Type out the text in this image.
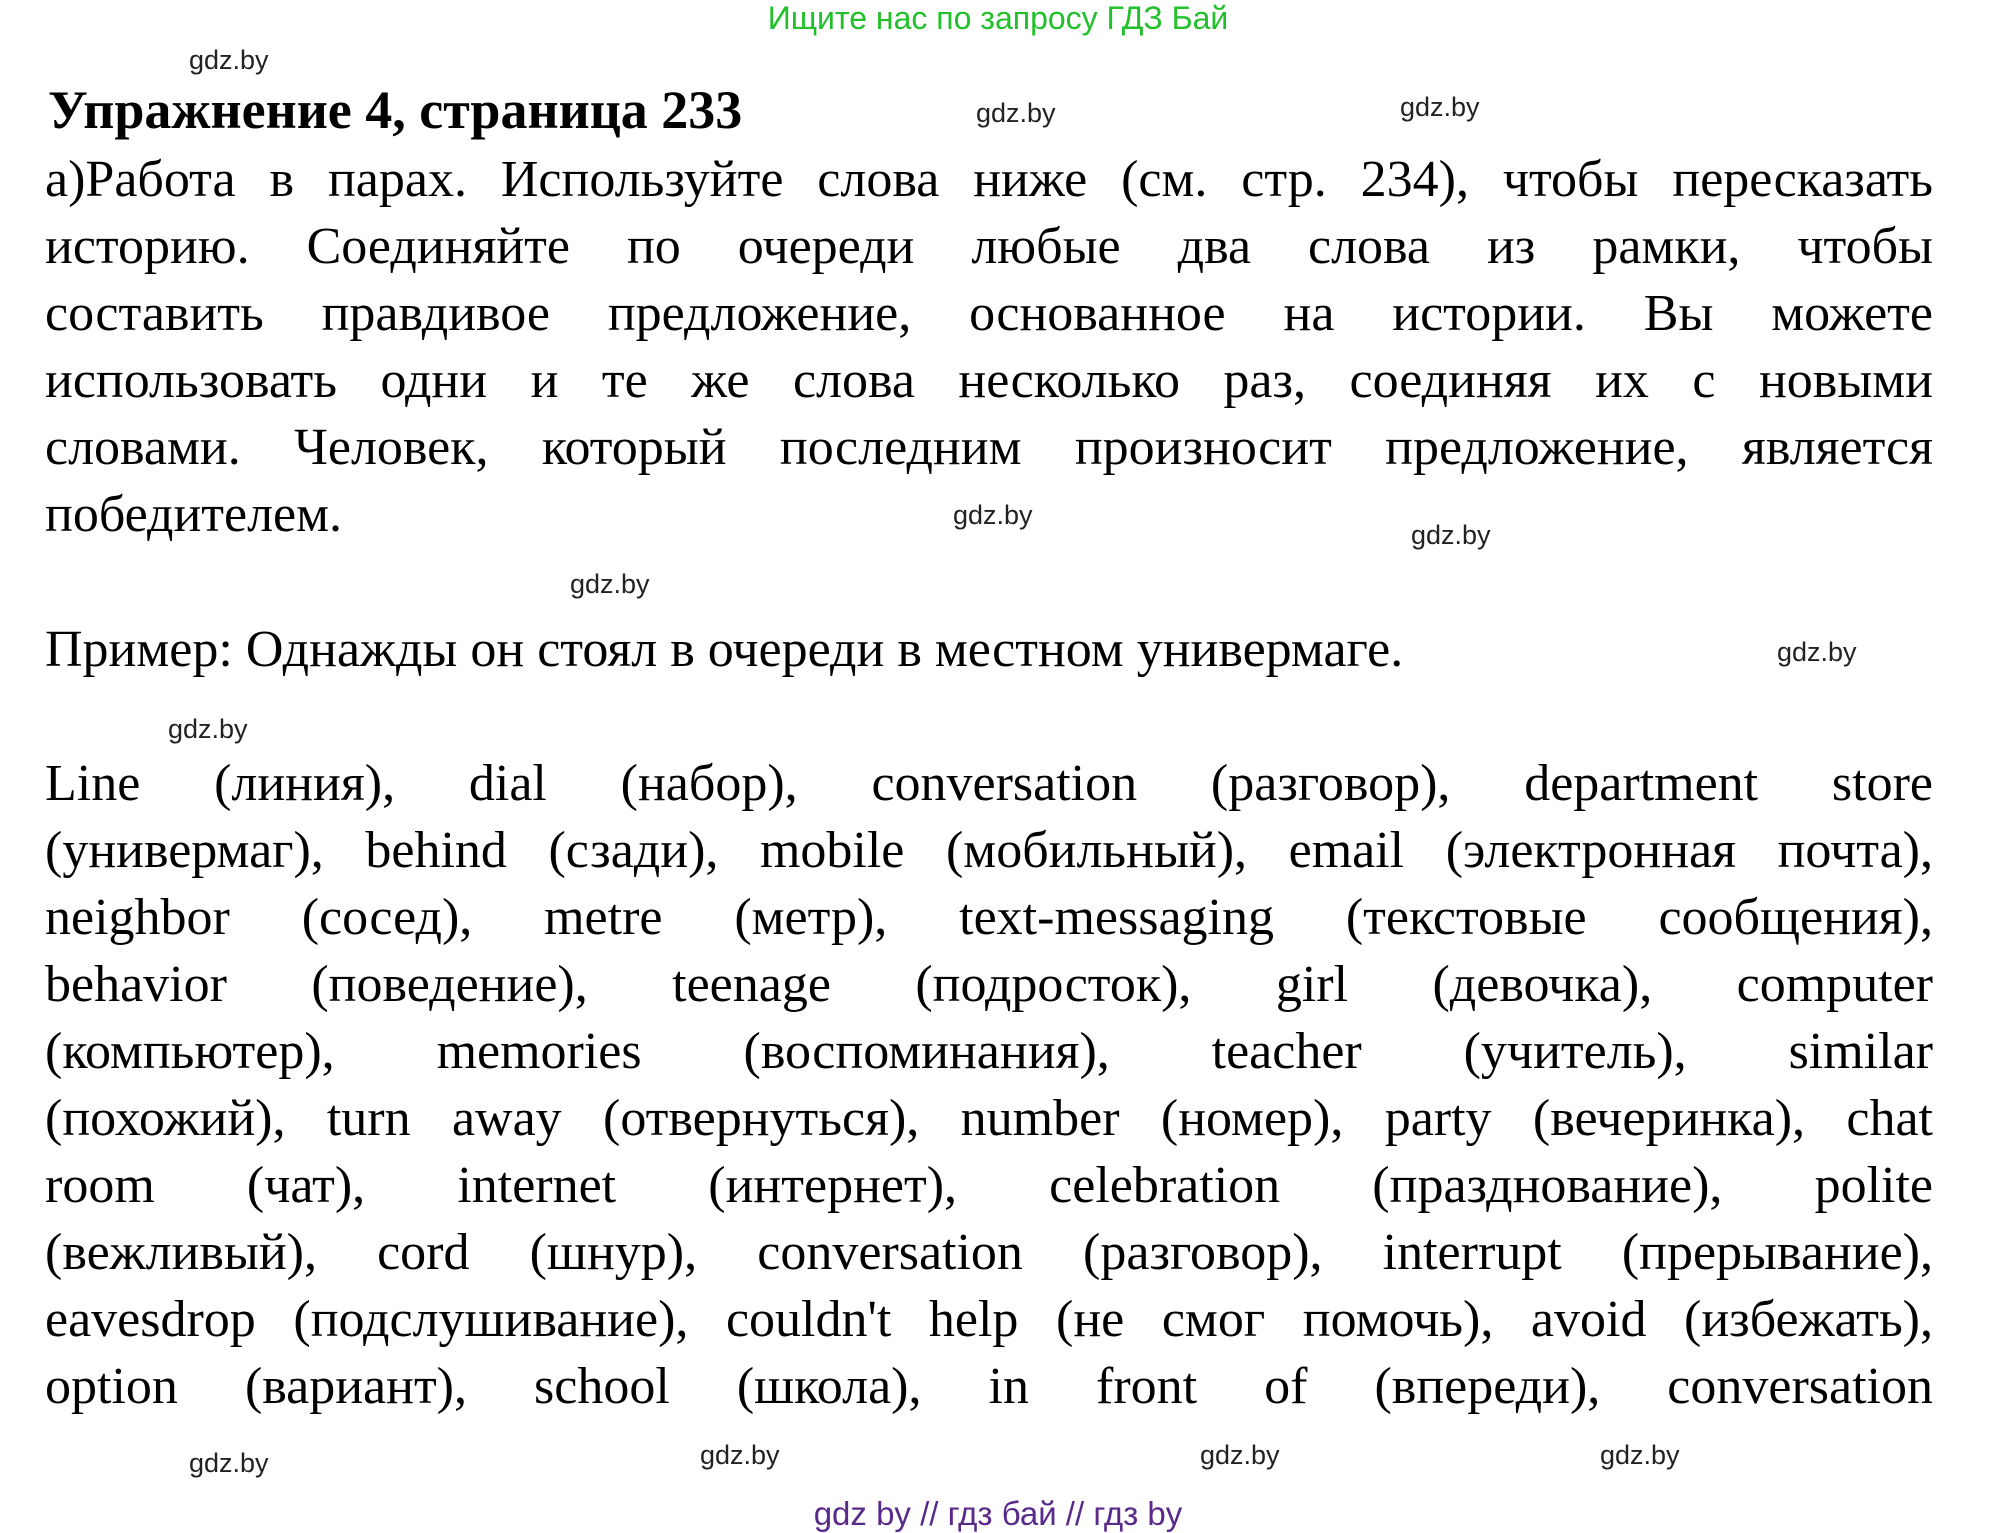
Ищите нас по запросу ГДЗ Бай
Упражнение 4, страница 233
а)Работа в парах. Используйте слова ниже (см. стр. 234), чтобы пересказать
историю. Соединяйте по очереди любые два слова из рамки, чтобы
составить правдивое предложение, основанное на истории. Вы можете
использовать одни и те же слова несколько раз, соединяя их с новыми
словами. Человек, который последним произносит предложение, является
победителем.
Пример: Однажды он стоял в очереди в местном универмаге.
Line (линия), dial (набор), conversation (разговор), department store
(универмаг), behind (сзади), mobile (мобильный), email (электронная почта),
neighbor (сосед), metre (метр), text-messaging (текстовые сообщения),
behavior (поведение), teenage (подросток), girl (девочка), computer
(компьютер), memories (воспоминания), teacher (учитель), similar
(похожий), turn away (отвернуться), number (номер), party (вечеринка), chat
room (чат), internet (интернет), celebration (празднование), polite
(вежливый), cord (шнур), conversation (разговор), interrupt (прерывание),
eavesdrop (подслушивание), couldn't help (не смог помочь), avoid (избежать),
option (вариант), school (школа), in front of (впереди), conversation
gdz.by
gdz.by	gdz.by
gdz.by
gdz.by
gdz.by
gdz.by
gdz.by
gdz.by	gdz.by	gdz.by
gdz.by
gdz by // гдз бай // гдз by
